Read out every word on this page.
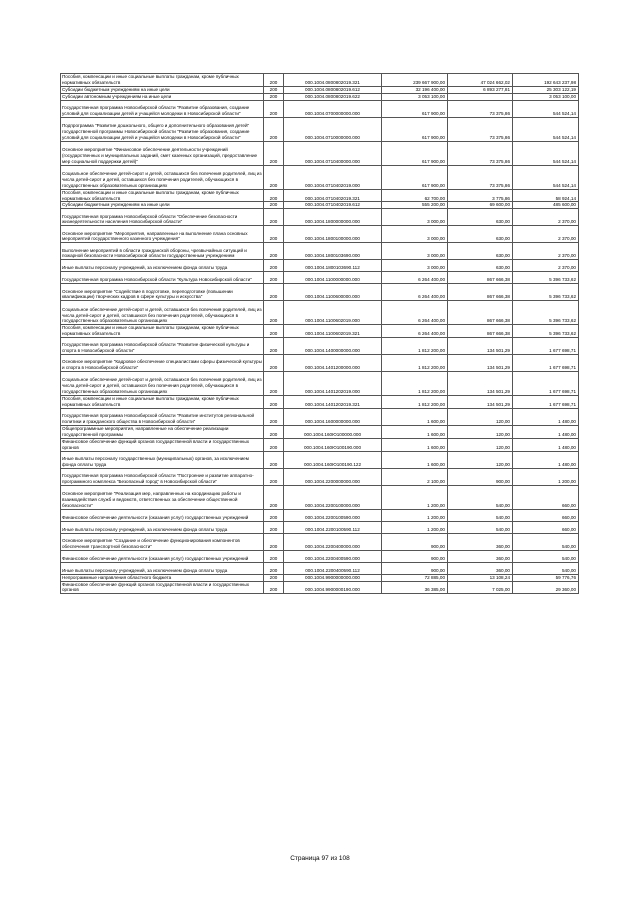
Пособия, компенсации и иные социальные выплаты гражданам, кроме публичных нормативных обязательств	200	000.1004.0800802019.321	239 667 900,00	47 024 662,02	192 643 237,98
Субсидии бюджетным учреждениям на иные цели	200	000.1004.0800802019.612	32 196 400,00	6 893 277,81	25 303 122,19
Субсидии автономным учреждениям на иные цели	200	000.1004.0800802019.622	3 053 100,00		3 053 100,00
Государственная программа Новосибирской области "Развитие образования, создание условий для социализации детей и учащейся молодежи в Новосибирской области"	200	000.1004.0700000000.000	617 900,00	73 375,86	544 524,14
Подпрограмма "Развитие дошкольного, общего и дополнительного образования детей" государственной программы Новосибирской области "Развитие образования, создание условий для социализации детей и учащейся молодежи в Новосибирской области"	200	000.1004.0710000000.000	617 900,00	73 375,86	544 524,14
Основное мероприятие "Финансовое обеспечение деятельности учреждений (государственных и муниципальных заданий, смет казенных организаций, предоставление мер социальной поддержки детей)"	200	000.1004.0710400000.000	617 900,00	73 375,86	544 524,14
Социальное обеспечение детей-сирот и детей, оставшихся без попечения родителей, лиц из числа детей-сирот и детей, оставшихся без попечения родителей, обучающихся в государственных образовательных организациях	200	000.1004.0710402019.000	617 900,00	73 375,86	544 524,14
Пособия, компенсации и иные социальные выплаты гражданам, кроме публичных нормативных обязательств	200	000.1004.0710402019.321	62 700,00	3 775,86	58 924,14
Субсидии бюджетным учреждениям на иные цели	200	000.1004.0710402019.612	555 200,00	69 600,00	485 600,00
Государственная программа Новосибирской области "Обеспечение безопасности жизнедеятельности населения Новосибирской области"	200	000.1004.1800000000.000	3 000,00	630,00	2 370,00
Основное мероприятие "Мероприятия, направленные на выполнение плана основных мероприятий государственного казенного учреждения"	200	000.1004.1800100000.000	3 000,00	630,00	2 370,00
Выполнение мероприятий в области гражданской обороны, чрезвычайных ситуаций и пожарной безопасности Новосибирской области государственным учреждением	200	000.1004.1800103690.000	3 000,00	630,00	2 370,00
Иные выплаты персоналу учреждений, за исключением фонда оплаты труда	200	000.1004.1800103690.112	3 000,00	630,00	2 370,00
Государственная программа Новосибирской области "Культура Новосибирской области"	200	000.1004.1100000000.000	6 264 400,00	867 666,38	5 396 733,62
Основное мероприятие "Содействие в подготовке, переподготовке (повышении квалификации) творческих кадров в сфере культуры и искусства"	200	000.1004.1100600000.000	6 264 400,00	867 666,38	5 396 733,62
Социальное обеспечение детей-сирот и детей, оставшихся без попечения родителей, лиц из числа детей-сирот и детей, оставшихся без попечения родителей, обучающихся в государственных образовательных организациях	200	000.1004.1100602019.000	6 264 400,00	867 666,38	5 396 733,62
Пособия, компенсации и иные социальные выплаты гражданам, кроме публичных нормативных обязательств	200	000.1004.1100602019.321	6 264 400,00	867 666,38	5 396 733,62
Государственная программа Новосибирской области "Развитие физической культуры и спорта в Новосибирской области"	200	000.1004.1400000000.000	1 812 200,00	134 501,29	1 677 698,71
Основное мероприятие "Кадровое обеспечение специалистами сферы физической культуры и спорта в Новосибирской области"	200	000.1004.1401200000.000	1 812 200,00	134 501,29	1 677 698,71
Социальное обеспечение детей-сирот и детей, оставшихся без попечения родителей, лиц из числа детей-сирот и детей, оставшихся без попечения родителей, обучающихся в государственных образовательных организациях	200	000.1004.1401202019.000	1 812 200,00	134 501,29	1 677 698,71
Пособия, компенсации и иные социальные выплаты гражданам, кроме публичных нормативных обязательств	200	000.1004.1401202019.321	1 812 200,00	134 501,29	1 677 698,71
Государственная программа Новосибирской области "Развитие институтов региональной политики и гражданского общества в Новосибирской области"	200	000.1004.1600000000.000	1 600,00	120,00	1 480,00
Общепрограммные мероприятия, направленные на обеспечение реализации государственной программы	200	000.1004.160Ю100000.000	1 600,00	120,00	1 480,00
Финансовое обеспечение функций органов государственной власти и государственных органов	200	000.1004.160Ю100190.000	1 600,00	120,00	1 480,00
Иные выплаты персоналу государственных (муниципальных) органов, за исключением фонда оплаты труда	200	000.1004.160Ю100190.122	1 600,00	120,00	1 480,00
Государственная программа Новосибирской области "Построение и развитие аппаратно-программного комплекса "Безопасный город" в Новосибирской области"	200	000.1004.2200000000.000	2 100,00	900,00	1 200,00
Основное мероприятие "Реализация мер, направленных на координацию работы и взаимодействия служб и ведомств, ответственных за обеспечение общественной безопасности"	200	000.1004.2200100000.000	1 200,00	540,00	660,00
Финансовое обеспечение деятельности (оказания услуг) государственных учреждений	200	000.1004.2200100590.000	1 200,00	540,00	660,00
Иные выплаты персоналу учреждений, за исключением фонда оплаты труда	200	000.1004.2200100590.112	1 200,00	540,00	660,00
Основное мероприятие "Создание и обеспечение функционирования компонентов обеспечения транспортной безопасности"	200	000.1004.2200400000.000	900,00	360,00	540,00
Финансовое обеспечение деятельности (оказания услуг) государственных учреждений	200	000.1004.2200400590.000	900,00	360,00	540,00
Иные выплаты персоналу учреждений, за исключением фонда оплаты труда	200	000.1004.2200400590.112	900,00	360,00	540,00
Непрограммные направления областного бюджета	200	000.1004.9900000000.000	72 885,00	13 108,24	59 776,76
Финансовое обеспечение функций органов государственной власти и государственных органов	200	000.1004.9900000190.000	36 385,00	7 025,00	29 360,00
Страница 97 из 108
